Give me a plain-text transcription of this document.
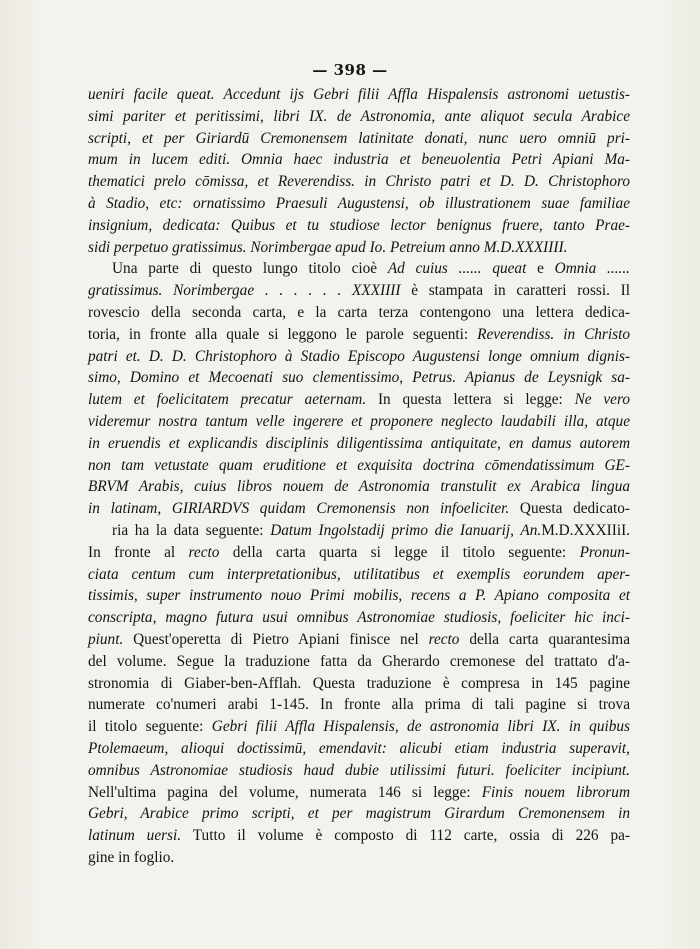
— 398 —
ueniri facile queat. Accedunt ijs Gebri filii Affla Hispalensis astronomi uetustis-
simi pariter et peritissimi, libri IX. de Astronomia, ante aliquot secula Arabice
scripti, et per Giriardū Cremonensem latinitate donati, nunc uero omniū pri-
mum in lucem editi. Omnia haec industria et beneuolentia Petri Apiani Ma-
thematici prelo cōmissa, et Reverendiss. in Christo patri et D. D. Christophoro
à Stadio, etc: ornatissimo Praesuli Augustensi, ob illustrationem suae familiae
insignium, dedicata: Quibus et tu studiose lector benignus fruere, tanto Prae-
sidi perpetuo gratissimus. Norimbergae apud Io. Petreium anno M.D.XXXIIII.
Una parte di questo lungo titolo cioè Ad cuius ...... queat e Omnia ......
gratissimus. Norimbergae . . . . . . XXXIIII è stampata in caratteri rossi. Il
rovescio della seconda carta, e la carta terza contengono una lettera dedica-
toria, in fronte alla quale si leggono le parole seguenti: Reverendiss. in Christo
patri et. D. D. Christophoro à Stadio Episcopo Augustensi longe omnium dignis-
simo, Domino et Mecoenati suo clementissimo, Petrus. Apianus de Leysnigk sa-
lutem et foelicitatem precatur aeternam. In questa lettera si legge: Ne vero
videremur nostra tantum velle ingerere et proponere neglecto laudabili illa, atque
in eruendis et explicandis disciplinis diligentissima antiquitate, en damus autorem
non tam vetustate quam eruditione et exquisita doctrina cōmendatissimum GE-
BRVM Arabis, cuius libros nouem de Astronomia transtulit ex Arabica lingua
in latinam, GIRIARDVS quidam Cremonensis non infoeliciter. Questa dedicato-
ria ha la data seguente: Datum Ingolstadij primo die Ianuarij, An.M.D.XXXIIiI.
In fronte al recto della carta quarta si legge il titolo seguente: Pronun-
ciata centum cum interpretationibus, utilitatibus et exemplis eorundem aper-
tissimis, super instrumento nouo Primi mobilis, recens a P. Apiano composita et
conscripta, magno futura usui omnibus Astronomiae studiosis, foeliciter hic inci-
piunt. Quest'operetta di Pietro Apiani finisce nel recto della carta quarantesima
del volume. Segue la traduzione fatta da Gherardo cremonese del trattato d'a-
stronomia di Giaber-ben-Afflah. Questa traduzione è compresa in 145 pagine
numerate co'numeri arabi 1-145. In fronte alla prima di tali pagine si trova
il titolo seguente: Gebri filii Affla Hispalensis, de astronomia libri IX. in quibus
Ptolemaeum, alioqui doctissimū, emendavit: alicubi etiam industria superavit,
omnibus Astronomiae studiosis haud dubie utilissimi futuri. foeliciter incipiunt.
Nell'ultima pagina del volume, numerata 146 si legge: Finis nouem librorum
Gebri, Arabice primo scripti, et per magistrum Girardum Cremonensem in
latinum uersi. Tutto il volume è composto di 112 carte, ossia di 226 pa-
gine in foglio.
